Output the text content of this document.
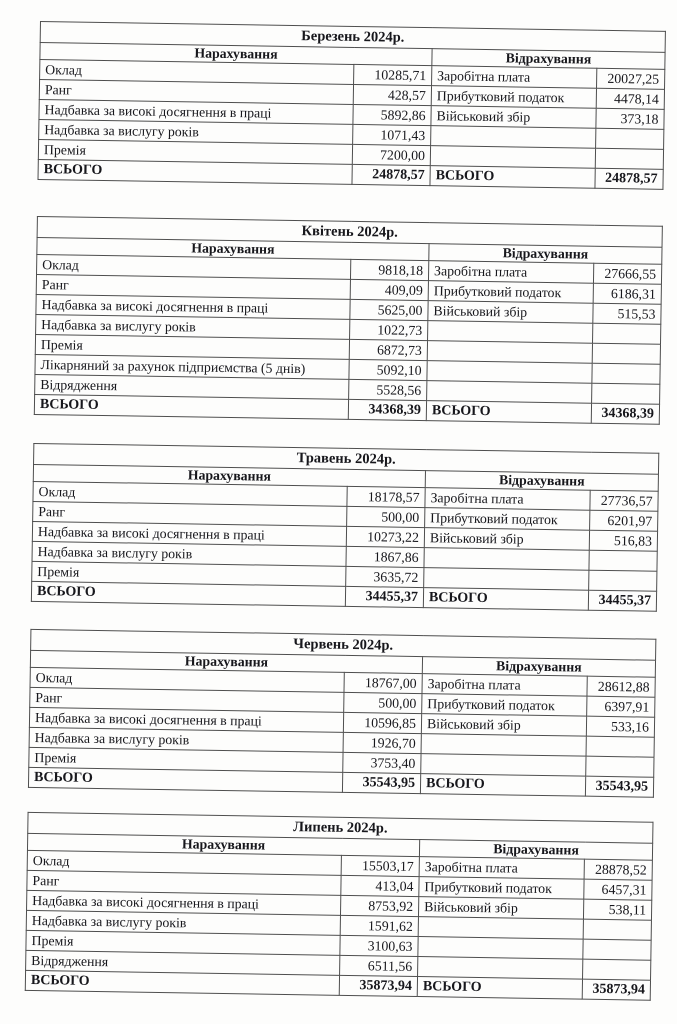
Березень 2024р.			
Нарахування		Відрахування	
Оклад	10285,71	Заробітна плата	20027,25
Ранг	428,57	Прибутковий податок	4478,14
Надбавка за високі досягнення в праці	5892,86	Військовий збір	373,18
Надбавка за вислугу років	1071,43		
Премія	7200,00		
ВСЬОГО	24878,57	ВСЬОГО	24878,57
Квітень 2024р.			
Нарахування		Відрахування	
Оклад	9818,18	Заробітна плата	27666,55
Ранг	409,09	Прибутковий податок	6186,31
Надбавка за високі досягнення в праці	5625,00	Військовий збір	515,53
Надбавка за вислугу років	1022,73		
Премія	6872,73		
Лікарняний за рахунок підприємства (5 днів)	5092,10		
Відрядження	5528,56		
ВСЬОГО	34368,39	ВСЬОГО	34368,39
Травень 2024р.			
Нарахування		Відрахування	
Оклад	18178,57	Заробітна плата	27736,57
Ранг	500,00	Прибутковий податок	6201,97
Надбавка за високі досягнення в праці	10273,22	Військовий збір	516,83
Надбавка за вислугу років	1867,86		
Премія	3635,72		
ВСЬОГО	34455,37	ВСЬОГО	34455,37
Червень 2024р.			
Нарахування		Відрахування	
Оклад	18767,00	Заробітна плата	28612,88
Ранг	500,00	Прибутковий податок	6397,91
Надбавка за високі досягнення в праці	10596,85	Військовий збір	533,16
Надбавка за вислугу років	1926,70		
Премія	3753,40		
ВСЬОГО	35543,95	ВСЬОГО	35543,95
Липень 2024р.			
Нарахування		Відрахування	
Оклад	15503,17	Заробітна плата	28878,52
Ранг	413,04	Прибутковий податок	6457,31
Надбавка за високі досягнення в праці	8753,92	Військовий збір	538,11
Надбавка за вислугу років	1591,62		
Премія	3100,63		
Відрядження	6511,56		
ВСЬОГО	35873,94	ВСЬОГО	35873,94
